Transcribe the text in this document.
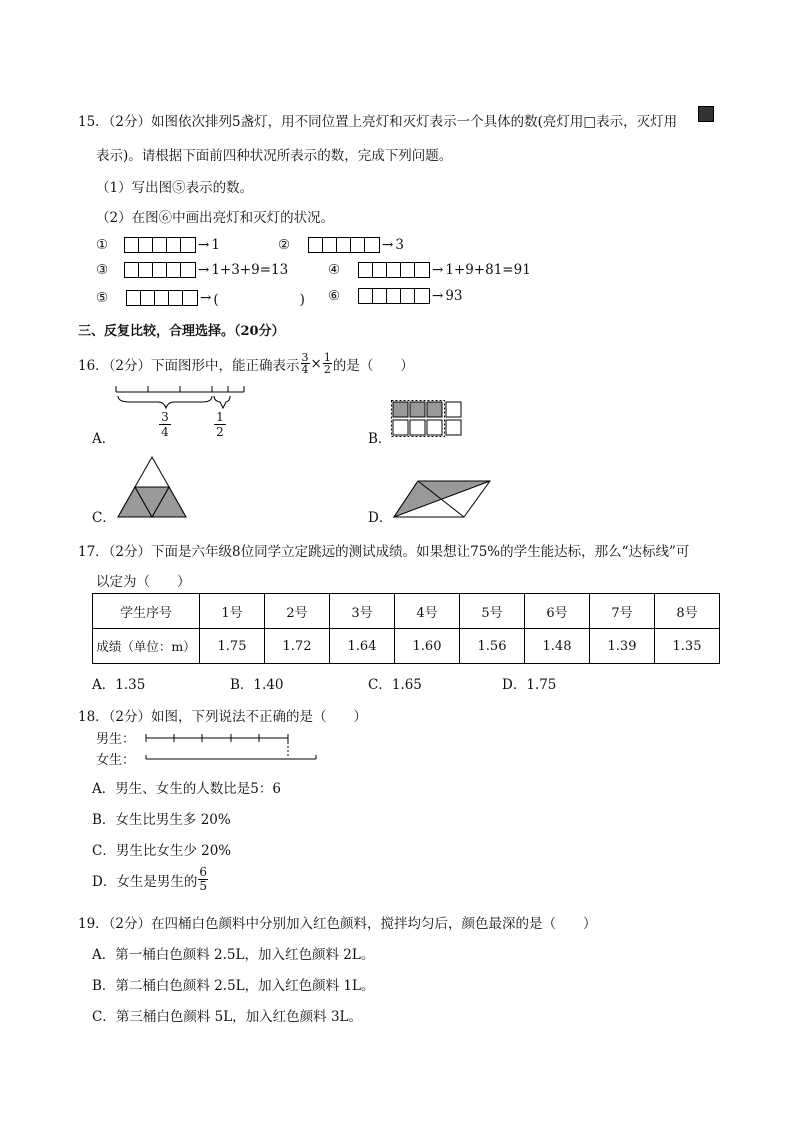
15．（2分）如图依次排列5盏灯，用不同位置上亮灯和灭灯表示一个具体的数(亮灯用□表示，灭灯用
表示)。请根据下面前四种状况所表示的数，完成下列问题。
（1）写出图⑤表示的数。
（2）在图⑥中画出亮灯和灭灯的状况。
①	→ 1	②	→ 3
③	→ 1+3+9=13	④	→ 1+9+81=91
⑤	→ (　　　　　　) ⑥	→ 93
三、反复比较，合理选择。（20分）
16．（2分）下面图形中，能正确表示 $\frac{3}{4} \times \frac{1}{2}$ 的是（　　）
A．
3
4
1
2	B．
C．	D．
17．（2分）下面是六年级8位同学立定跳远的测试成绩。如果想让75%的学生能达标，那么“达标线”可
以定为（　　）
学生序号	1号	2号	3号	4号	5号	6号	7号	8号
成绩（单位：m）	1.75	1.72	1.64	1.60	1.56	1.48	1.39	1.35
A．1.35	B．1.40	C．1.65	D．1.75
18．（2分）如图，下列说法不正确的是（　　）
男生：
女生：
A．男生、女生的人数比是5：6
B．女生比男生多 20%
C．男生比女生少 20%
D．女生是男生的 $\frac{6}{5}$
19．（2分）在四桶白色颜料中分别加入红色颜料，搅拌均匀后，颜色最深的是（　　）
A．第一桶白色颜料 2.5L，加入红色颜料 2L。
B．第二桶白色颜料 2.5L，加入红色颜料 1L。
C．第三桶白色颜料 5L，加入红色颜料 3L。
